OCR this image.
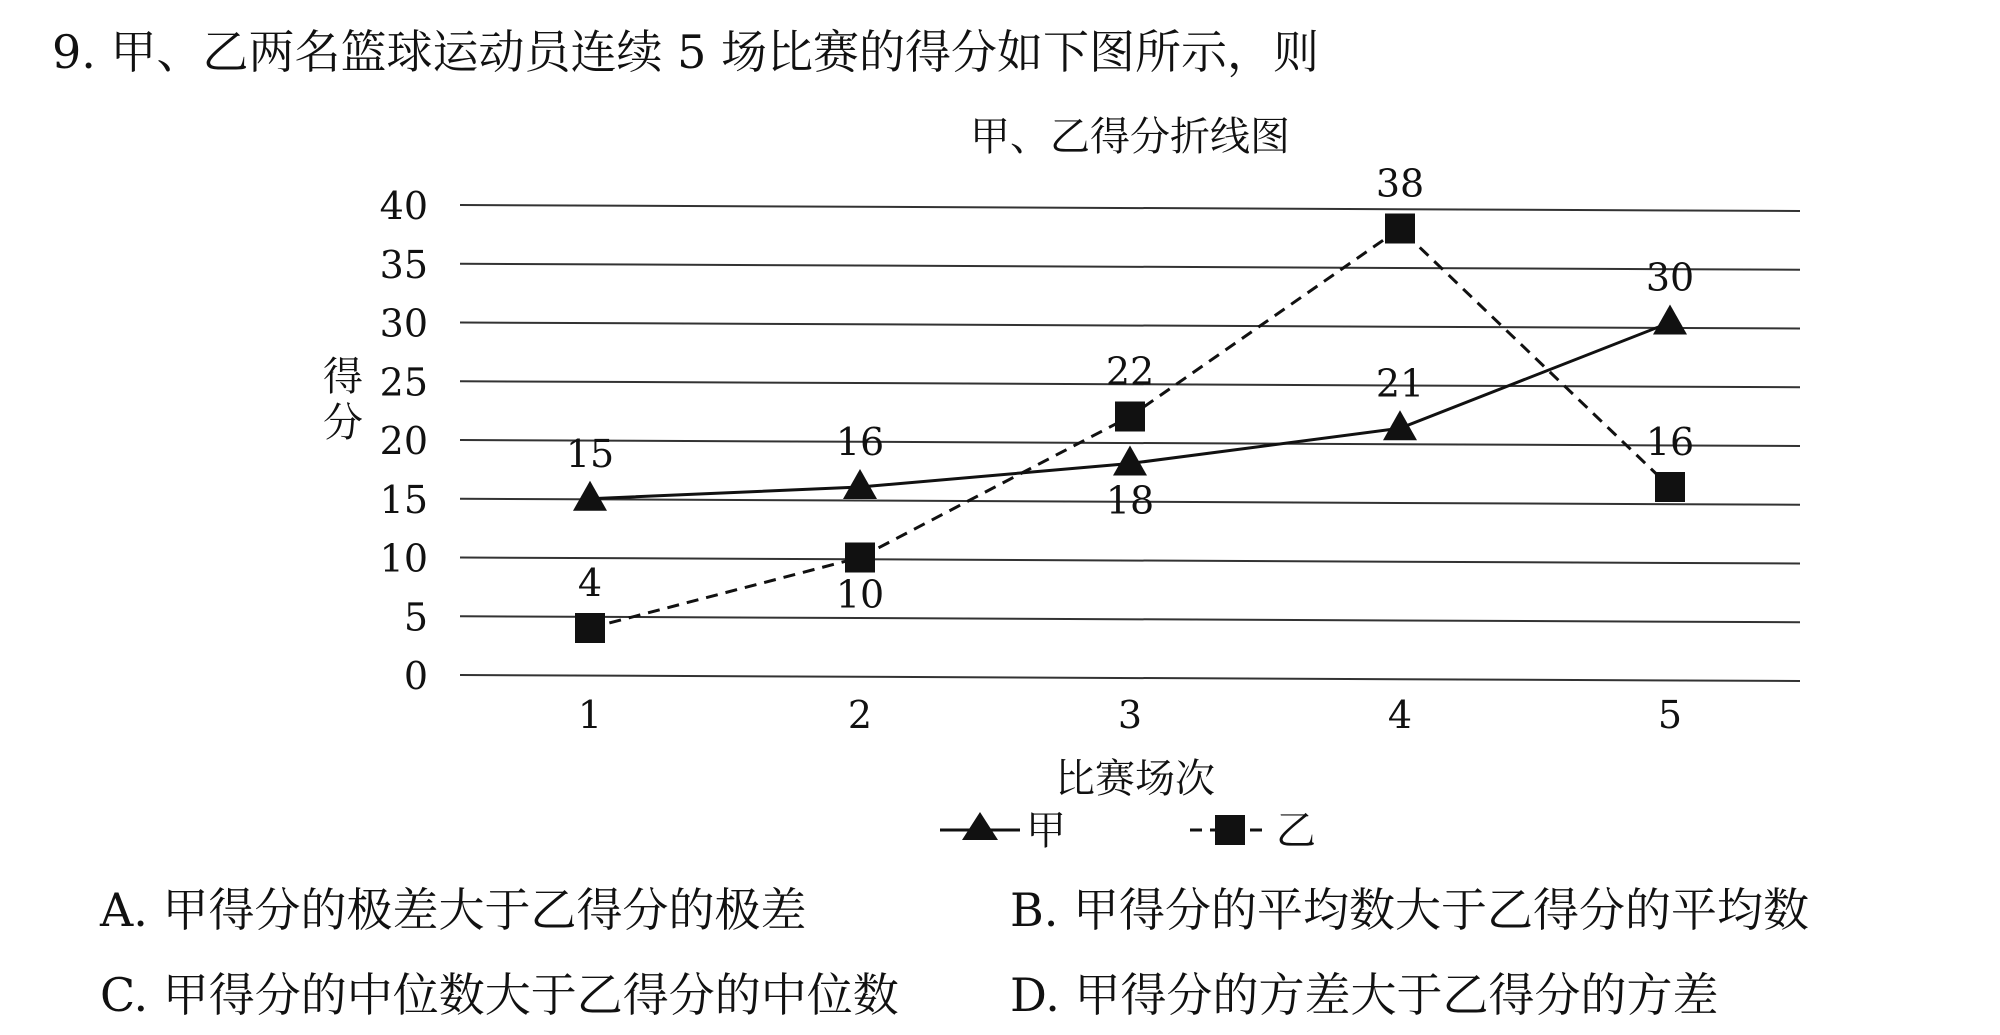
9. 甲、乙两名篮球运动员连续 5 场比赛的得分如下图所示，则
甲、乙得分折线图
0
5
10
15
20
25
30
35
40
1	2	3	4	5
得分
比赛场次
15	16
18
21
30
4	10
22
38
16
甲	乙
A. 甲得分的极差大于乙得分的极差	B. 甲得分的平均数大于乙得分的平均数
C. 甲得分的中位数大于乙得分的中位数 D. 甲得分的方差大于乙得分的方差
